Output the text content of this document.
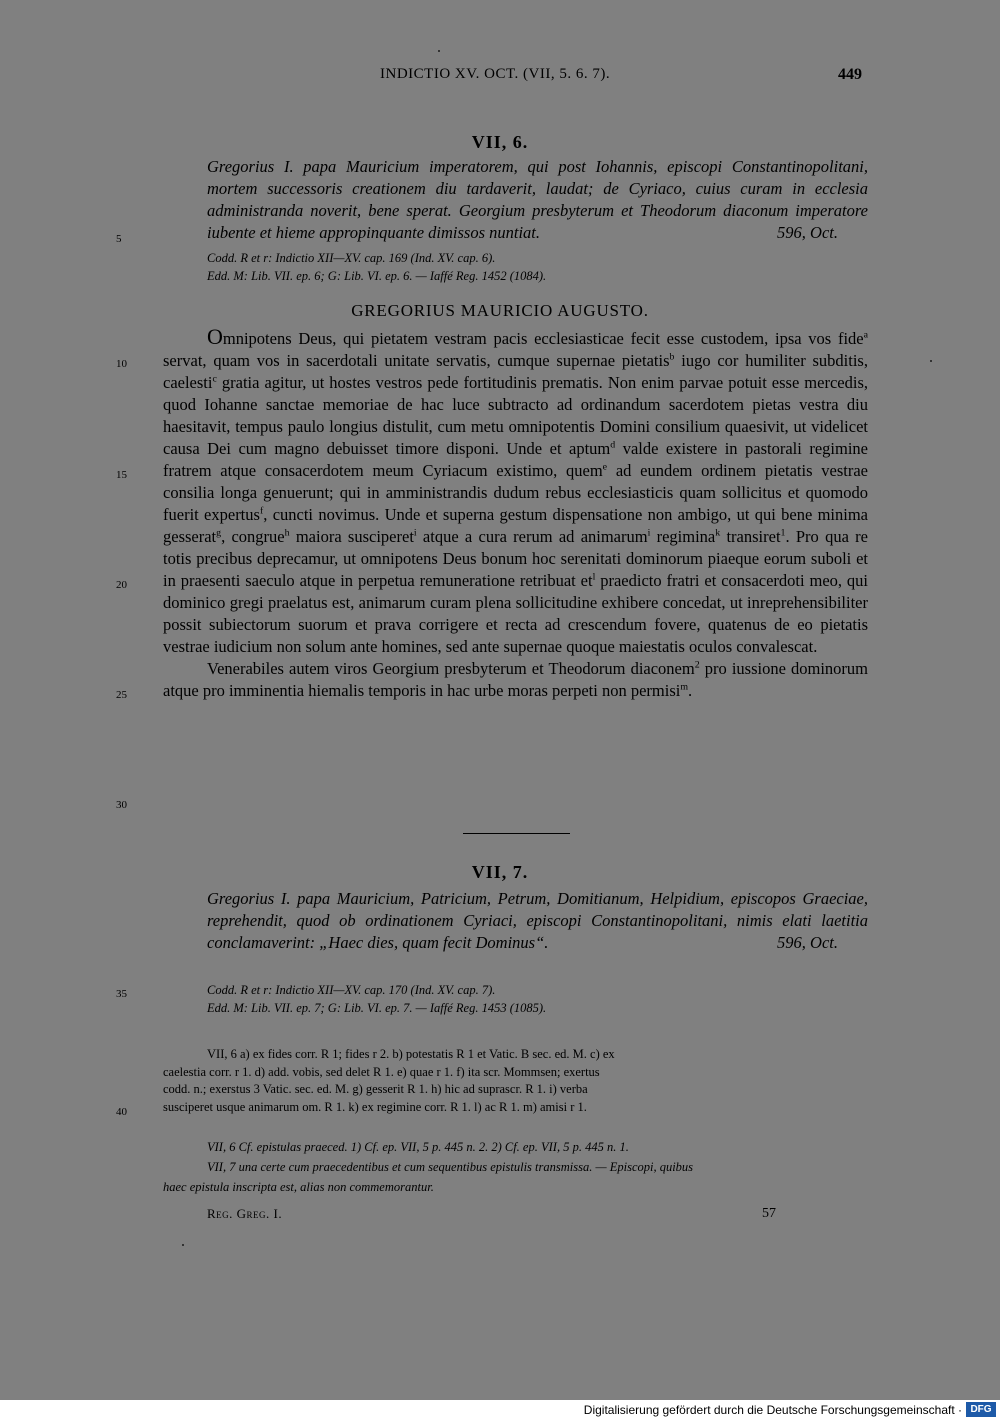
INDICTIO XV. OCT. (VII, 5. 6. 7).	449
VII, 6.
Gregorius I. papa Mauricium imperatorem, qui post Iohannis, episcopi Constantinopolitani, mortem successoris creationem diu tardaverit, laudat; de Cyriaco, cuius curam in ecclesia administranda noverit, bene sperat. Georgium presbyterum et Theodorum diaconum imperatore iubente et hieme appropinquante dimissos nuntiat.	596, Oct.
Codd. R et r: Indictio XII—XV. cap. 169 (Ind. XV. cap. 6).
Edd. M: Lib. VII. ep. 6; G: Lib. VI. ep. 6. — Iaffé Reg. 1452 (1084).
GREGORIUS MAURICIO AUGUSTO.

Omnipotens Deus, qui pietatem vestram pacis ecclesiasticae fecit esse custodem, ipsa vos fide$^a$ servat, quam vos in sacerdotali unitate servatis, cumque supernae pietatis$^b$ iugo cor humiliter subditis, caelesti$^c$ gratia agitur, ut hostes vestros pede fortitudinis prematis. Non enim parvae potuit esse mercedis, quod Iohanne sanctae memoriae de hac luce subtracto ad ordinandum sacerdotem pietas vestra diu haesitavit, tempus paulo longius distulit, cum metu omnipotentis Domini consilium quaesivit, ut videlicet causa Dei cum magno debuisset timore disponi. Unde et aptum$^d$ valde existere in pastorali regimine fratrem atque consacerdotem meum Cyriacum existimo, quem$^e$ ad eundem ordinem pietatis vestrae consilia longa genuerunt; qui in amministrandis dudum rebus ecclesiasticis quam sollicitus et quomodo fuerit expertus$^f$, cuncti novimus. Unde et superna gestum dispensatione non ambigo, ut qui bene minima gesserat$^g$, congrue$^h$ maiora susciperet$^i$ atque a cura rerum ad animarum$^i$ regimina$^k$ transiret$^1$. Pro qua re totis precibus deprecamur, ut omnipotens Deus bonum hoc serenitati dominorum piaeque eorum suboli et in praesenti saeculo atque in perpetua remuneratione retribuat $et^l$ praedicto fratri et consacerdoti meo, qui dominico gregi praelatus est, animarum curam plena sollicitudine exhibere concedat, ut inreprehensibiliter possit subiectorum suorum et prava corrigere et recta ad crescendum fovere, quatenus de eo pietatis vestrae iudicium non solum ante homines, sed ante supernae quoque maiestatis oculos convalescat.

Venerabiles autem viros Georgium presbyterum et Theodorum diaconem$^2$ pro iussione dominorum atque pro imminentia hiemalis temporis in hac urbe moras perpeti non permisi$^m$.

5
10
15
20
25
30
35
40
VII, 7.
Gregorius I. papa Mauricium, Patricium, Petrum, Domitianum, Helpidium, episcopos Graeciae, reprehendit, quod ob ordinationem Cyriaci, episcopi Constantinopolitani, nimis elati laetitia conclamaverint: „Haec dies, quam fecit Dominus“.	596, Oct.
Codd. R et r: Indictio XII—XV. cap. 170 (Ind. XV. cap. 7).
Edd. M: Lib. VII. ep. 7; G: Lib. VI. ep. 7. — Iaffé Reg. 1453 (1085).

VII, 6 a) ex fides corr. R 1; fides r 2. b) potestatis R 1 et Vatic. B sec. ed. M. c) ex

caelestia corr. r 1. d) add. vobis, sed delet R 1. e) quae r 1. f) ita scr. Mommsen; exertus

codd. n.; exerstus 3 Vatic. sec. ed. M. g) gesserit R 1. h) hic ad suprascr. R 1. i) verba

susciperet usque animarum om. R 1. k) ex regimine corr. R 1. l) ac R 1. m) amisi r 1.

VII, 6 Cf. epistulas praeced. 1) Cf. ep. VII, 5 p. 445 n. 2. 2) Cf. ep. VII, 5 p. 445 n. 1.

VII, 7 una certe cum praecedentibus et cum sequentibus epistulis transmissa. — Episcopi, quibus

haec epistula inscripta est, alias non commemorantur.

Reg. Greg. I.	57
Digitalisierung gefördert durch die Deutsche Forschungsgemeinschaft · DFG
